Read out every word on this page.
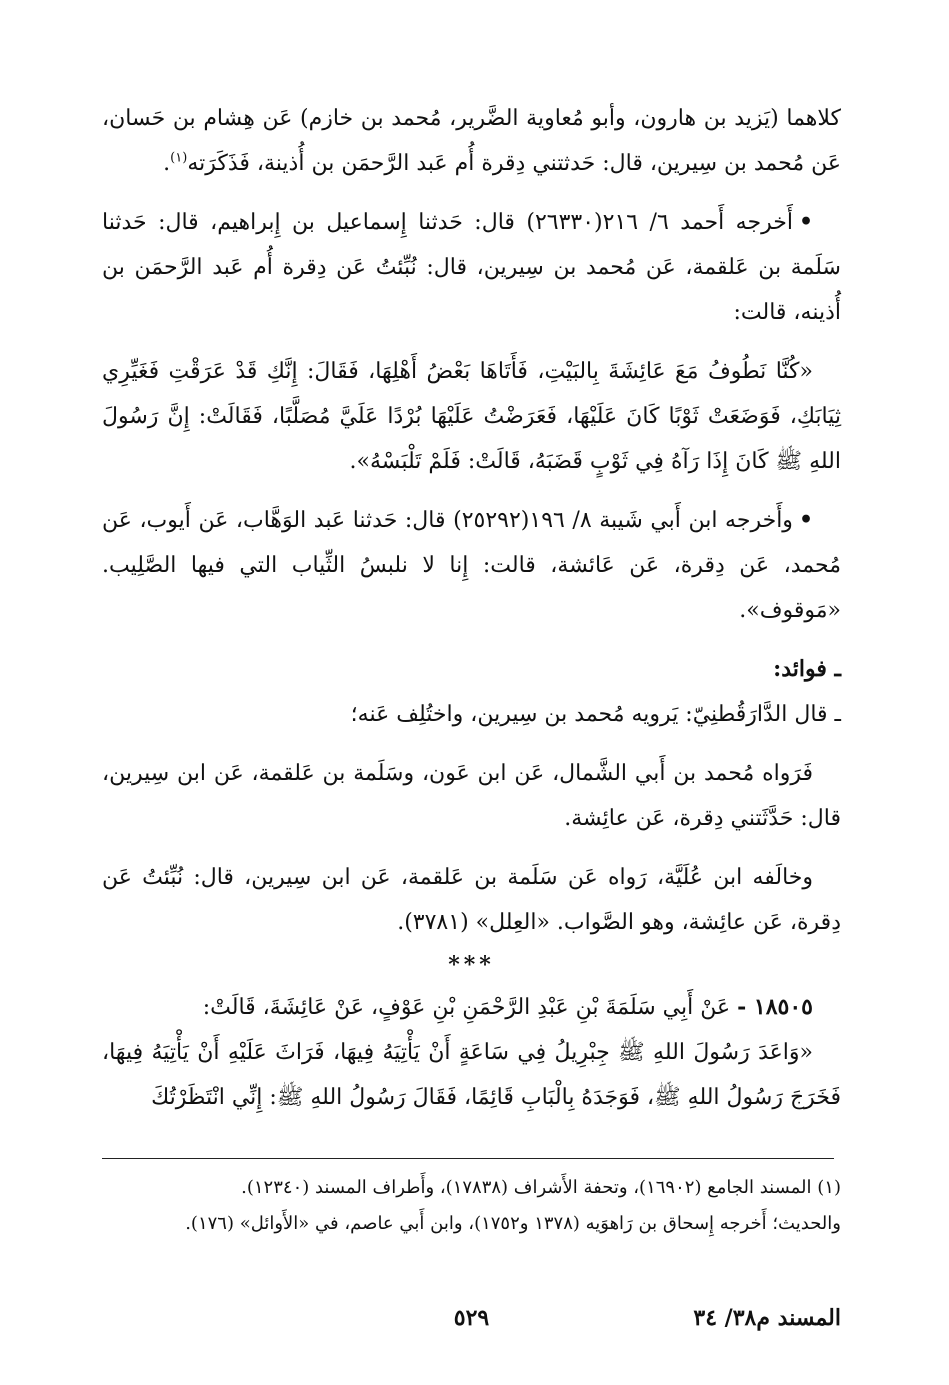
كلاهما (يَزيد بن هارون، وأبو مُعاوية الضَّرير، مُحمد بن خازم) عَن هِشام بن حَسان، عَن مُحمد بن سِيرين، قال: حَدثتني دِقرة أُم عَبد الرَّحمَن بن أُذينة، فَذَكَرَته$^{(١)}$.

•أَخرجه أَحمد ٦/ ٢١٦(٢٦٣٣٠) قال: حَدثنا إِسماعيل بن إِبراهيم، قال: حَدثنا سَلَمة بن عَلقمة، عَن مُحمد بن سِيرين، قال: نُبِّئتُ عَن دِقرة أُم عَبد الرَّحمَن بن أُذينه، قالت:

«كُنَّا نَطُوفُ مَعَ عَائِشَةَ بِالبَيْتِ، فَأَتَاهَا بَعْضُ أَهْلِهَا، فَقَالَ: إِنَّكِ قَدْ عَرَقْتِ فَغَيِّرِي ثِيَابَكِ، فَوَضَعَتْ ثَوْبًا كَانَ عَلَيْهَا، فَعَرَضْتُ عَلَيْهَا بُرْدًا عَلَيَّ مُصَلَّبًا، فَقَالَتْ: إِنَّ رَسُولَ اللهِ ﷺ كَانَ إِذَا رَآهُ فِي ثَوْبٍ قَضَبَهُ، قَالَتْ: فَلَمْ تَلْبَسْهُ».

•وأَخرجه ابن أَبي شَيبة ٨/ ١٩٦(٢٥٢٩٢) قال: حَدثنا عَبد الوَهَّاب، عَن أَيوب، عَن مُحمد، عَن دِقرة، عَن عَائشة، قالت: إِنا لا نلبسُ الثِّياب التي فيها الصَّلِيب. «مَوقوف».

ـ فوائد:

ـ قال الدَّارَقُطنِيّ: يَرويه مُحمد بن سِيرين، واختُلِف عَنه؛

فَرَواه مُحمد بن أَبي الشَّمال، عَن ابن عَون، وسَلَمة بن عَلقمة، عَن ابن سِيرين، قال: حَدَّثَتني دِقرة، عَن عائِشة.

وخالَفه ابن عُلَيَّة، رَواه عَن سَلَمة بن عَلقمة، عَن ابن سِيرين، قال: نُبِّئتُ عَن دِقرة، عَن عائِشة، وهو الصَّواب. «العِلل» (٣٧٨١).

***

١٨٥٠٥ - عَنْ أَبِي سَلَمَةَ بْنِ عَبْدِ الرَّحْمَنِ بْنِ عَوْفٍ، عَنْ عَائِشَةَ، قَالَتْ:

«وَاعَدَ رَسُولَ اللهِ ﷺ جِبْرِيلُ فِي سَاعَةٍ أَنْ يَأْتِيَهُ فِيهَا، فَرَاثَ عَلَيْهِ أَنْ يَأْتِيَهُ فِيهَا، فَخَرَجَ رَسُولُ اللهِ ﷺ، فَوَجَدَهُ بِالْبَابِ قَائِمًا، فَقَالَ رَسُولُ اللهِ ﷺ: إِنِّي انْتَظَرْتُكَ

(١) المسند الجامع (١٦٩٠٢)، وتحفة الأَشراف (١٧٨٣٨)، وأَطراف المسند (١٢٣٤٠).

والحديث؛ أَخرجه إِسحاق بن رَاهوَيه (١٣٧٨ و١٧٥٢)، وابن أَبي عاصم، في «الأَوائل» (١٧٦).

المسند م٣٨/ ٣٤
٥٢٩
